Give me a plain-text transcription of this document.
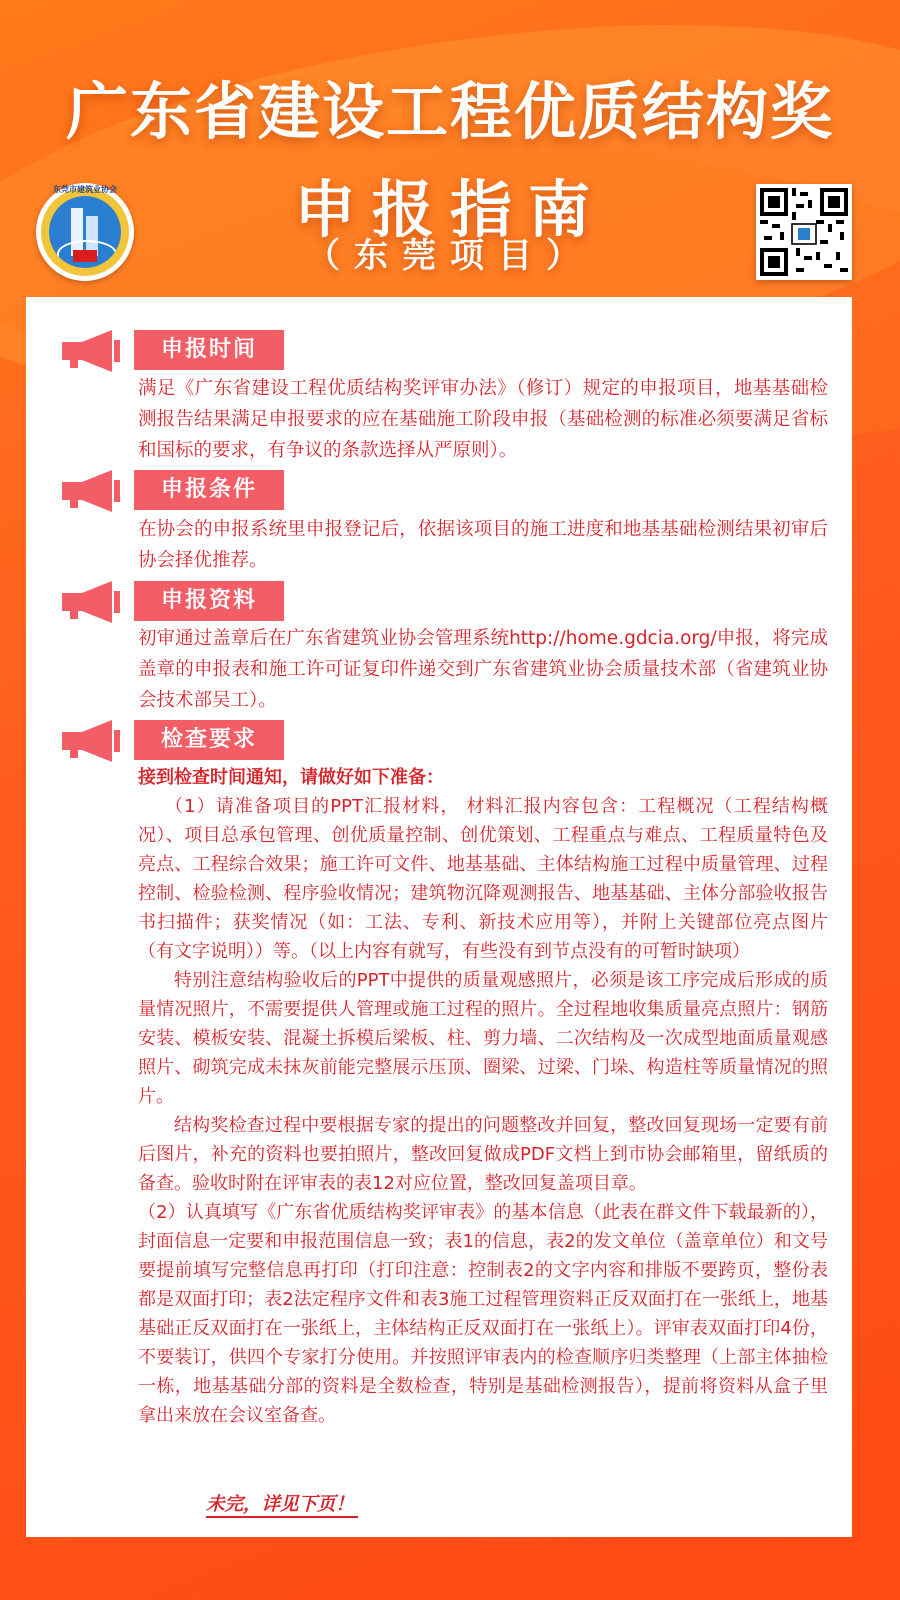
广东省建设工程优质结构奖
申报指南
（东莞项目）
东莞市建筑业协会
申报时间

满足《广东省建设工程优质结构奖评审办法》（修订）规定的申报项目，地基基础检测报告结果满足申报要求的应在基础施工阶段申报（基础检测的标准必须要满足省标和国标的要求，有争议的条款选择从严原则）。

申报条件

在协会的申报系统里申报登记后，依据该项目的施工进度和地基基础检测结果初审后协会择优推荐。

申报资料

初审通过盖章后在广东省建筑业协会管理系统http://home.gdcia.org/申报，将完成盖章的申报表和施工许可证复印件递交到广东省建筑业协会质量技术部（省建筑业协会技术部吴工）。

检查要求

接到检查时间通知，请做好如下准备：

（1）请准备项目的PPT汇报材料， 材料汇报内容包含：工程概况（工程结构概况）、项目总承包管理、创优质量控制、创优策划、工程重点与难点、工程质量特色及亮点、工程综合效果；施工许可文件、地基基础、主体结构施工过程中质量管理、过程控制、检验检测、程序验收情况；建筑物沉降观测报告、地基基础、主体分部验收报告书扫描件；获奖情况（如：工法、专利、新技术应用等），并附上关键部位亮点图片（有文字说明））等。（以上内容有就写，有些没有到节点没有的可暂时缺项）

特别注意结构验收后的PPT中提供的质量观感照片，必须是该工序完成后形成的质量情况照片，不需要提供人管理或施工过程的照片。全过程地收集质量亮点照片：钢筋安装、模板安装、混凝土拆模后梁板、柱、剪力墙、二次结构及一次成型地面质量观感照片、砌筑完成未抹灰前能完整展示压顶、圈梁、过梁、门垛、构造柱等质量情况的照片。

结构奖检查过程中要根据专家的提出的问题整改并回复，整改回复现场一定要有前后图片，补充的资料也要拍照片，整改回复做成PDF文档上到市协会邮箱里，留纸质的备查。验收时附在评审表的表12对应位置，整改回复盖项目章。

（2）认真填写《广东省优质结构奖评审表》的基本信息（此表在群文件下载最新的），封面信息一定要和申报范围信息一致；表1的信息，表2的发文单位（盖章单位）和文号要提前填写完整信息再打印（打印注意：控制表2的文字内容和排版不要跨页，整份表都是双面打印；表2法定程序文件和表3施工过程管理资料正反双面打在一张纸上，地基基础正反双面打在一张纸上，主体结构正反双面打在一张纸上）。评审表双面打印4份，不要装订，供四个专家打分使用。并按照评审表内的检查顺序归类整理（上部主体抽检一栋，地基基础分部的资料是全数检查，特别是基础检测报告），提前将资料从盒子里拿出来放在会议室备查。

未完，详见下页！
